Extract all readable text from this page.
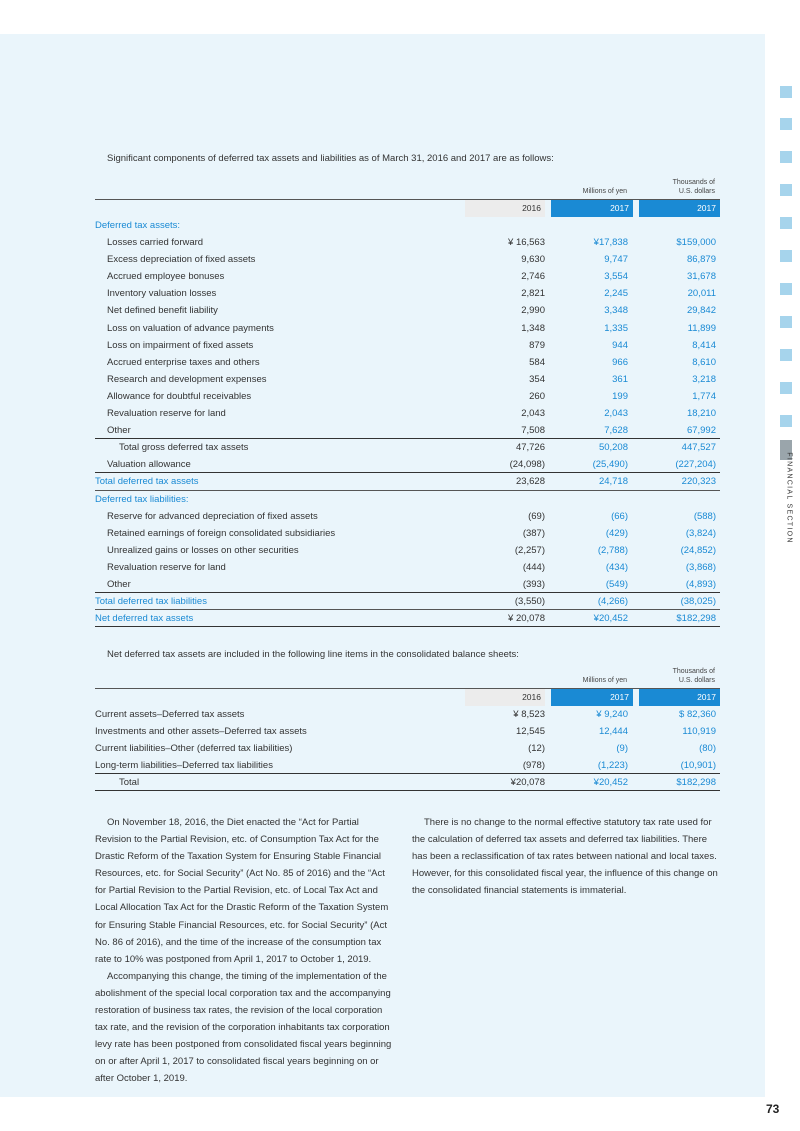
FINANCIAL SECTION
Significant components of deferred tax assets and liabilities as of March 31, 2016 and 2017 are as follows:
Millions of yen
Thousands of
U.S. dollars
2016	2017	2017
Deferred tax assets:
Losses carried forward	¥ 16,563	¥17,838	$159,000
Excess depreciation of fixed assets	9,630	9,747	86,879
Accrued employee bonuses	2,746	3,554	31,678
Inventory valuation losses	2,821	2,245	20,011
Net defined benefit liability	2,990	3,348	29,842
Loss on valuation of advance payments	1,348	1,335	11,899
Loss on impairment of fixed assets	879	944	8,414
Accrued enterprise taxes and others	584	966	8,610
Research and development expenses	354	361	3,218
Allowance for doubtful receivables	260	199	1,774
Revaluation reserve for land	2,043	2,043	18,210
Other	7,508	7,628	67,992
Total gross deferred tax assets	47,726	50,208	447,527
Valuation allowance	(24,098)	(25,490)	(227,204)
Total deferred tax assets	23,628	24,718	220,323
Deferred tax liabilities:
Reserve for advanced depreciation of fixed assets	(69)	(66)	(588)
Retained earnings of foreign consolidated subsidiaries	(387)	(429)	(3,824)
Unrealized gains or losses on other securities	(2,257)	(2,788)	(24,852)
Revaluation reserve for land	(444)	(434)	(3,868)
Other	(393)	(549)	(4,893)
Total deferred tax liabilities	(3,550)	(4,266)	(38,025)
Net deferred tax assets	¥ 20,078	¥20,452	$182,298
Net deferred tax assets are included in the following line items in the consolidated balance sheets:
Millions of yen
Thousands of
U.S. dollars
2016	2017	2017
Current assets–Deferred tax assets	¥ 8,523	¥ 9,240	$ 82,360
Investments and other assets–Deferred tax assets	12,545	12,444	110,919
Current liabilities–Other (deferred tax liabilities)	(12)	(9)	(80)
Long-term liabilities–Deferred tax liabilities	(978)	(1,223)	(10,901)
Total	¥20,078	¥20,452	$182,298

On November 18, 2016, the Diet enacted the “Act for Partial Revision to the Partial Revision, etc. of Consumption Tax Act for the Drastic Reform of the Taxation System for Ensuring Stable Financial Resources, etc. for Social Security” (Act No. 85 of 2016) and the “Act for Partial Revision to the Partial Revision, etc. of Local Tax Act and Local Allocation Tax Act for the Drastic Reform of the Taxation System for Ensuring Stable Financial Resources, etc. for Social Security” (Act No. 86 of 2016), and the time of the increase of the consumption tax rate to 10% was postponed from April 1, 2017 to October 1, 2019.

Accompanying this change, the timing of the implementation of the abolishment of the special local corporation tax and the accompanying restoration of business tax rates, the revision of the local corporation tax rate, and the revision of the corporation inhabitants tax corporation levy rate has been postponed from consolidated fiscal years beginning on or after April 1, 2017 to consolidated fiscal years beginning on or after October 1, 2019.

There is no change to the normal effective statutory tax rate used for the calculation of deferred tax assets and deferred tax liabilities. There has been a reclassification of tax rates between national and local taxes. However, for this consolidated fiscal year, the influence of this change on the consolidated financial statements is immaterial.

73
